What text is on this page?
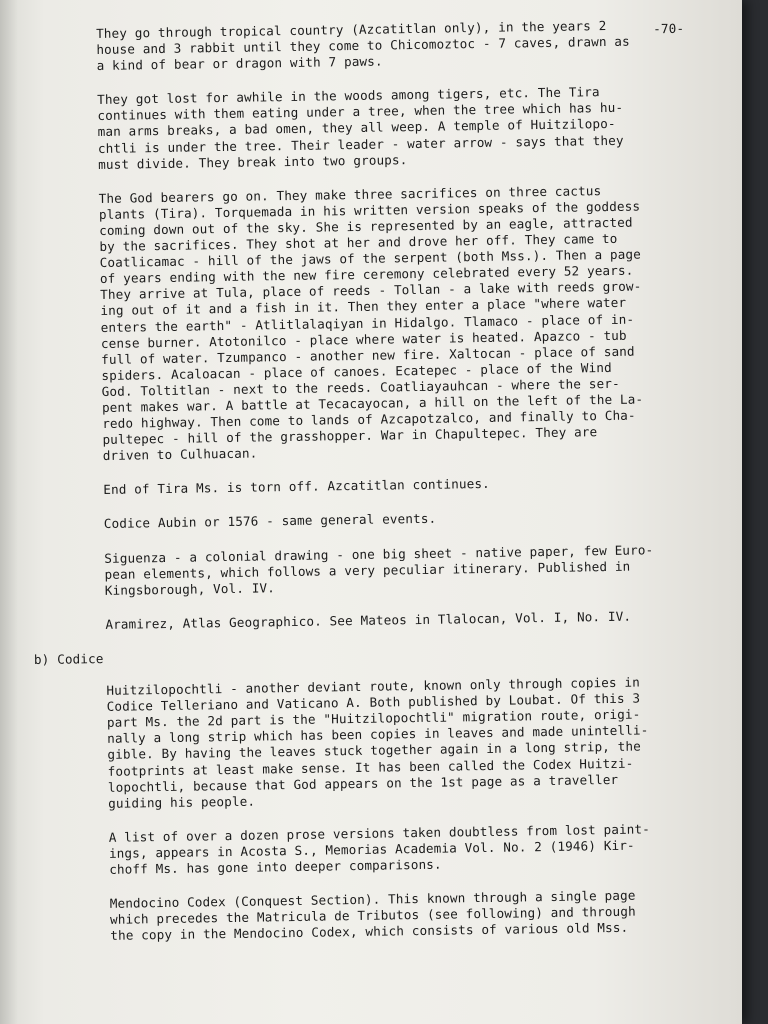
-70-

They go through tropical country (Azcatitlan only), in the years 2
house and 3 rabbit until they come to Chicomoztoc - 7 caves, drawn as
a kind of bear or dragon with 7 paws.

They got lost for awhile in the woods among tigers, etc. The Tira
continues with them eating under a tree, when the tree which has hu-
man arms breaks, a bad omen, they all weep. A temple of Huitzilopo-
chtli is under the tree. Their leader - water arrow - says that they
must divide. They break into two groups.

The God bearers go on. They make three sacrifices on three cactus
plants (Tira). Torquemada in his written version speaks of the goddess
coming down out of the sky. She is represented by an eagle, attracted
by the sacrifices. They shot at her and drove her off. They came to
Coatlicamac - hill of the jaws of the serpent (both Mss.). Then a page
of years ending with the new fire ceremony celebrated every 52 years.
They arrive at Tula, place of reeds - Tollan - a lake with reeds grow-
ing out of it and a fish in it. Then they enter a place "where water
enters the earth" - Atlitlalaqiyan in Hidalgo. Tlamaco - place of in-
cense burner. Atotonilco - place where water is heated. Apazco - tub
full of water. Tzumpanco - another new fire. Xaltocan - place of sand
spiders. Acaloacan - place of canoes. Ecatepec - place of the Wind
God. Toltitlan - next to the reeds. Coatliayauhcan - where the ser-
pent makes war. A battle at Tecacayocan, a hill on the left of the La-
redo highway. Then come to lands of Azcapotzalco, and finally to Cha-
pultepec - hill of the grasshopper. War in Chapultepec. They are
driven to Culhuacan.

End of Tira Ms. is torn off. Azcatitlan continues.

Codice Aubin or 1576 - same general events.

Siguenza - a colonial drawing - one big sheet - native paper, few Euro-
pean elements, which follows a very peculiar itinerary. Published in
Kingsborough, Vol. IV.

Aramirez, Atlas Geographico. See Mateos in Tlalocan, Vol. I, No. IV.

b) Codice

Huitzilopochtli - another deviant route, known only through copies in
Codice Telleriano and Vaticano A. Both published by Loubat. Of this 3
part Ms. the 2d part is the "Huitzilopochtli" migration route, origi-
nally a long strip which has been copies in leaves and made unintelli-
gible. By having the leaves stuck together again in a long strip, the
footprints at least make sense. It has been called the Codex Huitzi-
lopochtli, because that God appears on the 1st page as a traveller
guiding his people.

A list of over a dozen prose versions taken doubtless from lost paint-
ings, appears in Acosta S., Memorias Academia Vol. No. 2 (1946) Kir-
choff Ms. has gone into deeper comparisons.

Mendocino Codex (Conquest Section). This known through a single page
which precedes the Matricula de Tributos (see following) and through
the copy in the Mendocino Codex, which consists of various old Mss.
